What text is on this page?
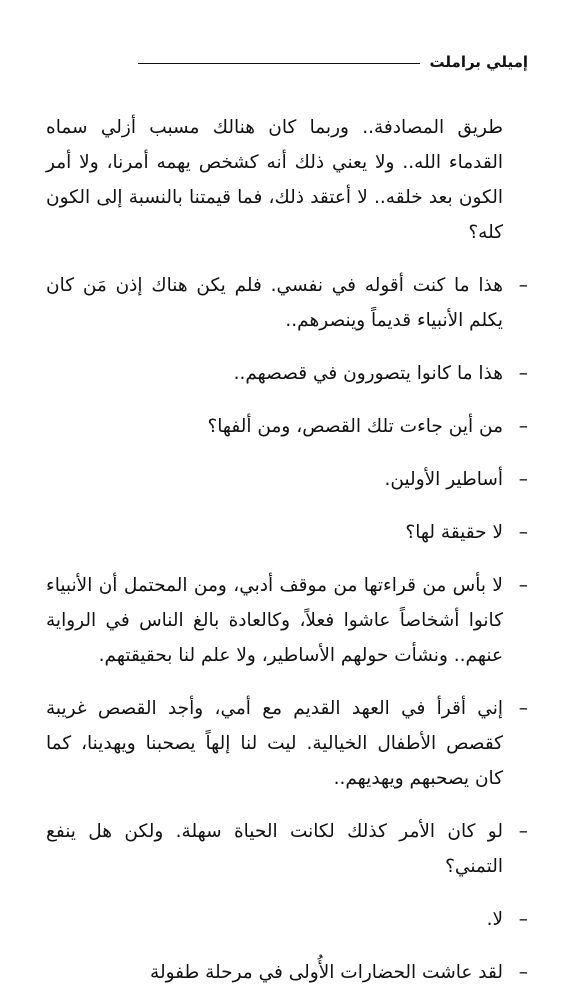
إميلي براملت

طريق المصادفة.. وربما كان هنالك مسبب أزلي سماه القدماء الله.. ولا يعني ذلك أنه كشخص يهمه أمرنا، ولا أمر الكون بعد خلقه.. لا أعتقد ذلك، فما قيمتنا بالنسبة إلى الكون كله؟

–
هذا ما كنت أقوله في نفسي. فلم يكن هناك إذن مَن كان يكلم الأنبياء قديماً وينصرهم..
–
هذا ما كانوا يتصورون في قصصهم..
–
من أين جاءت تلك القصص، ومن ألفها؟
–
أساطير الأولين.
–
لا حقيقة لها؟
–
لا بأس من قراءتها من موقف أدبي، ومن المحتمل أن الأنبياء كانوا أشخاصاً عاشوا فعلاً، وكالعادة بالغ الناس في الرواية عنهم.. ونشأت حولهم الأساطير، ولا علم لنا بحقيقتهم.
–
إني أقرأ في العهد القديم مع أمي، وأجد القصص غريبة كقصص الأطفال الخيالية. ليت لنا إلهاً يصحبنا ويهدينا، كما كان يصحبهم ويهديهم..
–
لو كان الأمر كذلك لكانت الحياة سهلة. ولكن هل ينفع التمني؟
–
لا.
–
لقد عاشت الحضارات الأُولى في مرحلة طفولة
